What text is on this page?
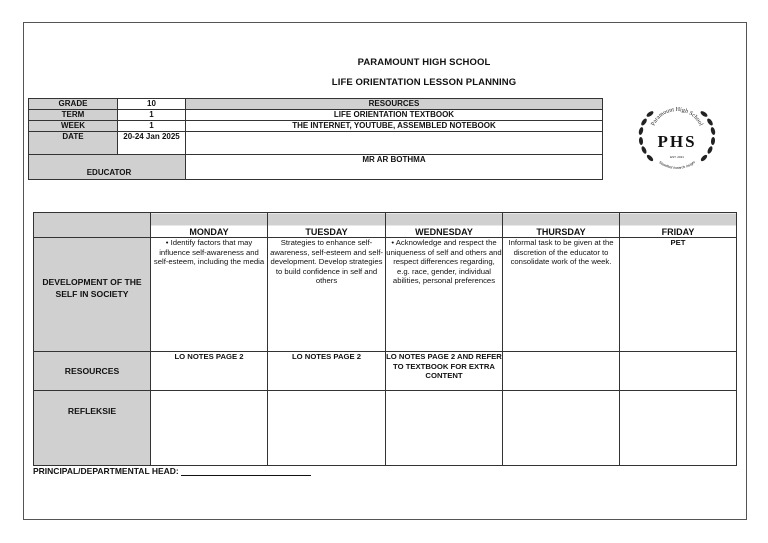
PARAMOUNT HIGH SCHOOL
LIFE ORIENTATION LESSON PLANNING
GRADE	10	RESOURCES
TERM	1	LIFE ORIENTATION TEXTBOOK
WEEK	1	THE INTERNET, YOUTUBE, ASSEMBLED NOTEBOOK
DATE	20-24 Jan 2025	
EDUCATOR		MR AR BOTHMA
Paramount High School
PHS
EST. 2021
Steadfast towards insight
	MONDAY	TUESDAY	WEDNESDAY	THURSDAY	FRIDAY
DEVELOPMENT OF THE SELF IN SOCIETY	• Identify factors that may influence self-awareness and self-esteem, including the media	Strategies to enhance self-awareness, self-esteem and self-development. Develop strategies to build confidence in self and others	• Acknowledge and respect the uniqueness of self and others and respect differences regarding, e.g. race, gender, individual abilities, personal preferences	Informal task to be given at the discretion of the educator to consolidate work of the week.	PET
RESOURCES	LO NOTES PAGE 2	LO NOTES PAGE 2	LO NOTES PAGE 2 AND REFER TO TEXTBOOK FOR EXTRA CONTENT		
REFLEKSIE					
PRINCIPAL/DEPARTMENTAL HEAD:
